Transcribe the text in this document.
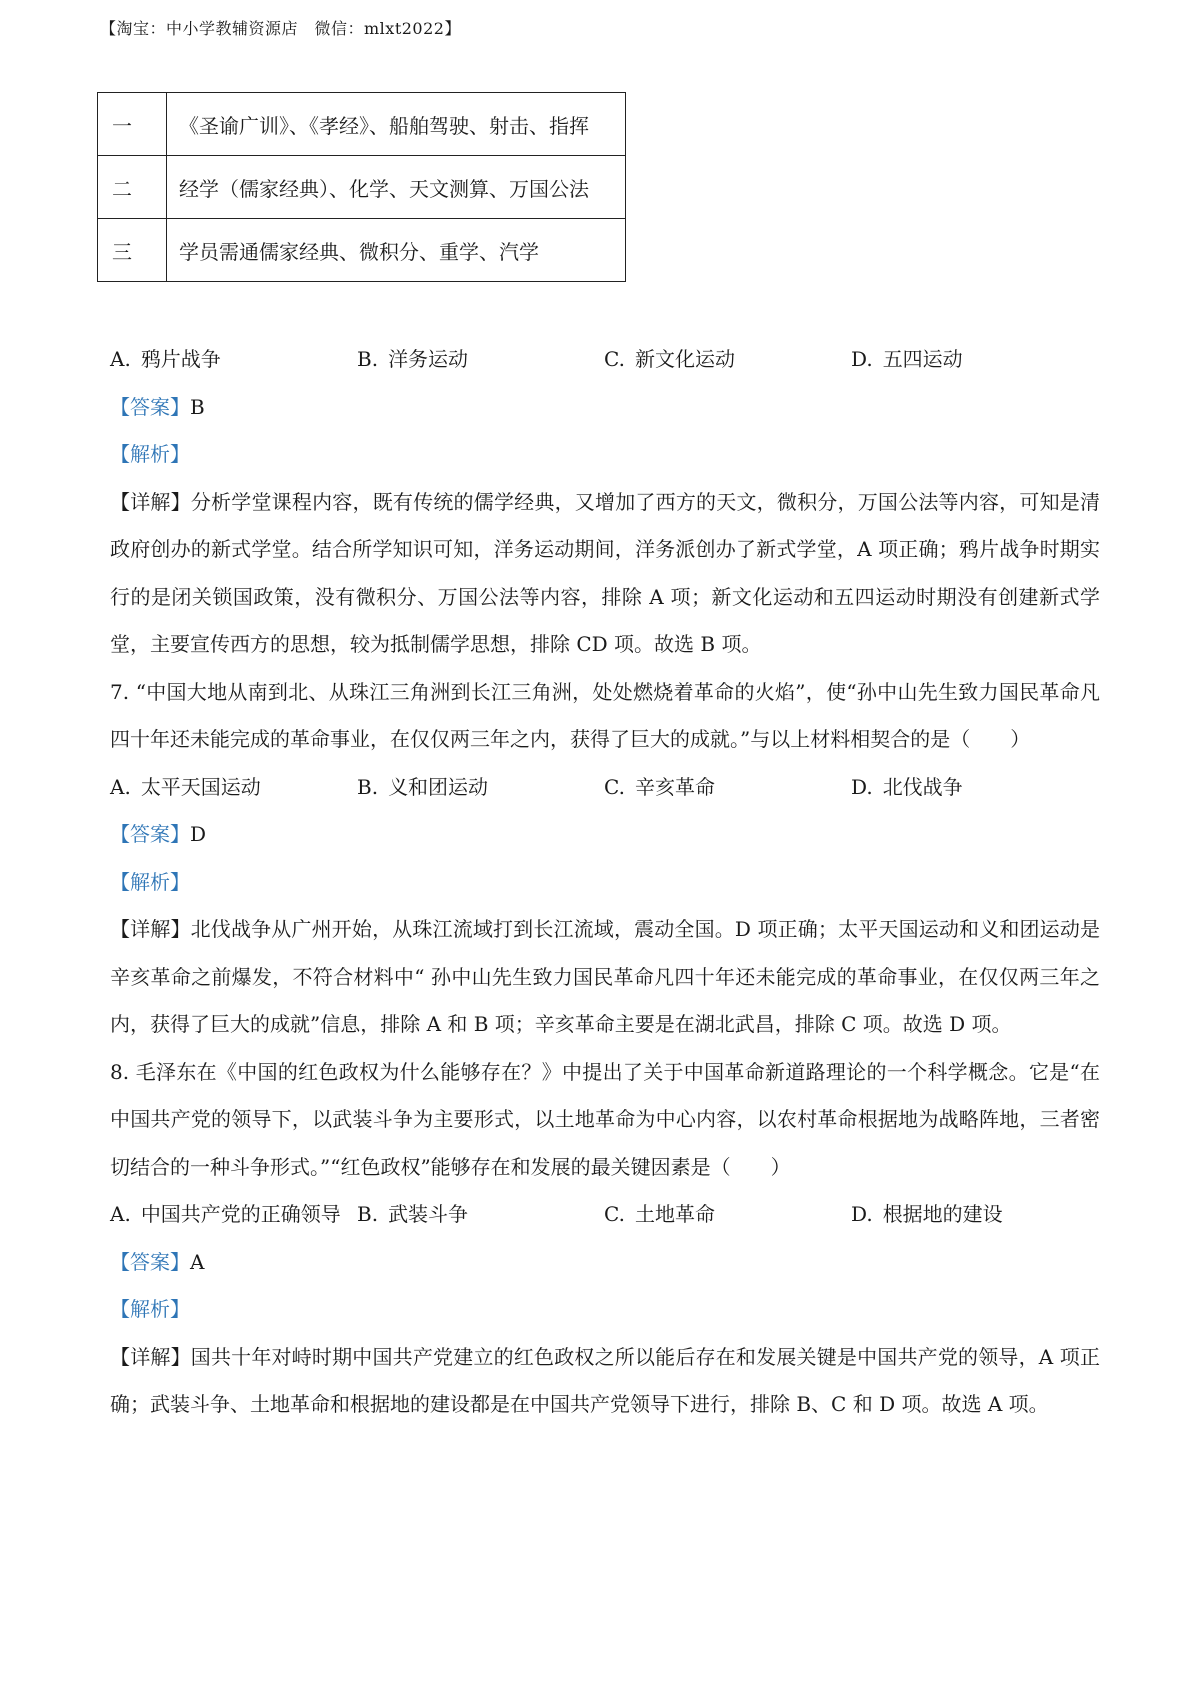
【淘宝：中小学教辅资源店　微信：mlxt2022】
一	《圣谕广训》、《孝经》、船舶驾驶、射击、指挥
二	经学（儒家经典）、化学、天文测算、万国公法
三	学员需通儒家经典、微积分、重学、汽学
A. 鸦片战争	B. 洋务运动	C. 新文化运动	D. 五四运动
【答案】B
【解析】
【详解】分析学堂课程内容，既有传统的儒学经典，又增加了西方的天文，微积分，万国公法等内容，可知是清政府创办的新式学堂。结合所学知识可知，洋务运动期间，洋务派创办了新式学堂，A 项正确；鸦片战争时期实行的是闭关锁国政策，没有微积分、万国公法等内容，排除 A 项；新文化运动和五四运动时期没有创建新式学堂，主要宣传西方的思想，较为抵制儒学思想，排除 CD 项。故选 B 项。
7. “中国大地从南到北、从珠江三角洲到长江三角洲，处处燃烧着革命的火焰”，使“孙中山先生致力国民革命凡四十年还未能完成的革命事业，在仅仅两三年之内，获得了巨大的成就。”与以上材料相契合的是（　　）
A. 太平天国运动	B. 义和团运动	C. 辛亥革命	D. 北伐战争
【答案】D
【解析】
【详解】北伐战争从广州开始，从珠江流域打到长江流域，震动全国。D 项正确；太平天国运动和义和团运动是辛亥革命之前爆发，不符合材料中“ 孙中山先生致力国民革命凡四十年还未能完成的革命事业，在仅仅两三年之内，获得了巨大的成就”信息，排除 A 和 B 项；辛亥革命主要是在湖北武昌，排除 C 项。故选 D 项。
8. 毛泽东在《中国的红色政权为什么能够存在？》中提出了关于中国革命新道路理论的一个科学概念。它是“在中国共产党的领导下，以武装斗争为主要形式，以土地革命为中心内容，以农村革命根据地为战略阵地，三者密切结合的一种斗争形式。”“红色政权”能够存在和发展的最关键因素是（　　）
A. 中国共产党的正确领导 B. 武装斗争	C. 土地革命	D. 根据地的建设
【答案】A
【解析】
【详解】国共十年对峙时期中国共产党建立的红色政权之所以能后存在和发展关键是中国共产党的领导，A 项正确；武装斗争、土地革命和根据地的建设都是在中国共产党领导下进行，排除 B、C 和 D 项。故选 A 项。
